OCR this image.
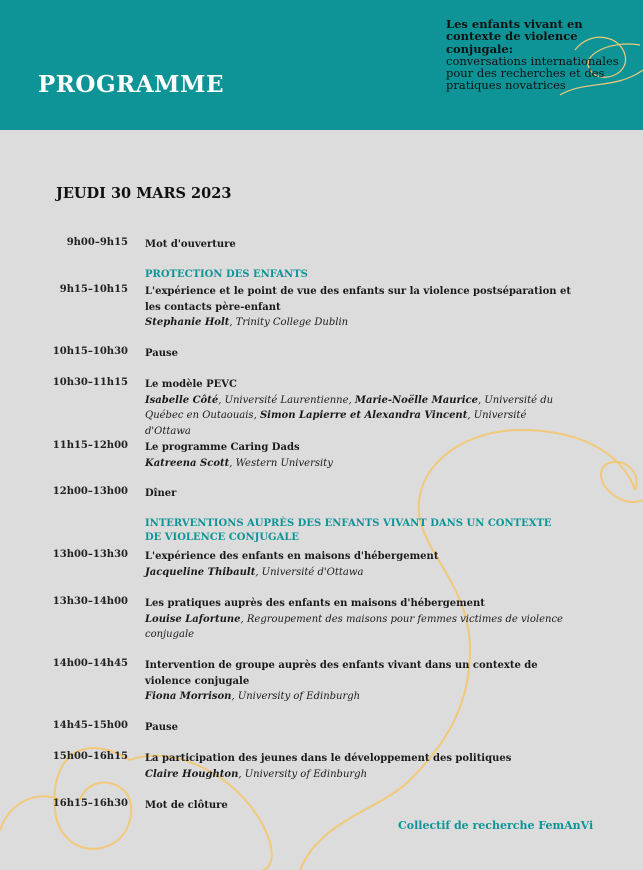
PROGRAMME
Les enfants vivant en contexte de violence conjugale:
conversations internationales pour des recherches et des pratiques novatrices
JEUDI 30 MARS 2023
9h00–9h15 Mot d'ouverture
PROTECTION DES ENFANTS
9h15–10h15 L'expérience et le point de vue des enfants sur la violence postséparation et les contacts père-enfant
Stephanie Holt, Trinity College Dublin
10h15–10h30 Pause
10h30–11h15 Le modèle PEVC
Isabelle Côté, Université Laurentienne, Marie-Noëlle Maurice, Université du Québec en Outaouais, Simon Lapierre et Alexandra Vincent, Université d'Ottawa
11h15–12h00 Le programme Caring Dads
Katreena Scott, Western University
12h00–13h00 Dîner
INTERVENTIONS AUPRÈS DES ENFANTS VIVANT DANS UN CONTEXTE DE VIOLENCE CONJUGALE
13h00–13h30 L'expérience des enfants en maisons d'hébergement
Jacqueline Thibault, Université d'Ottawa
13h30–14h00 Les pratiques auprès des enfants en maisons d'hébergement
Louise Lafortune, Regroupement des maisons pour femmes victimes de violence conjugale
14h00–14h45 Intervention de groupe auprès des enfants vivant dans un contexte de violence conjugale
Fiona Morrison, University of Edinburgh
14h45–15h00 Pause
15h00–16h15 La participation des jeunes dans le développement des politiques
Claire Houghton, University of Edinburgh
16h15–16h30 Mot de clôture
Collectif de recherche FemAnVi
